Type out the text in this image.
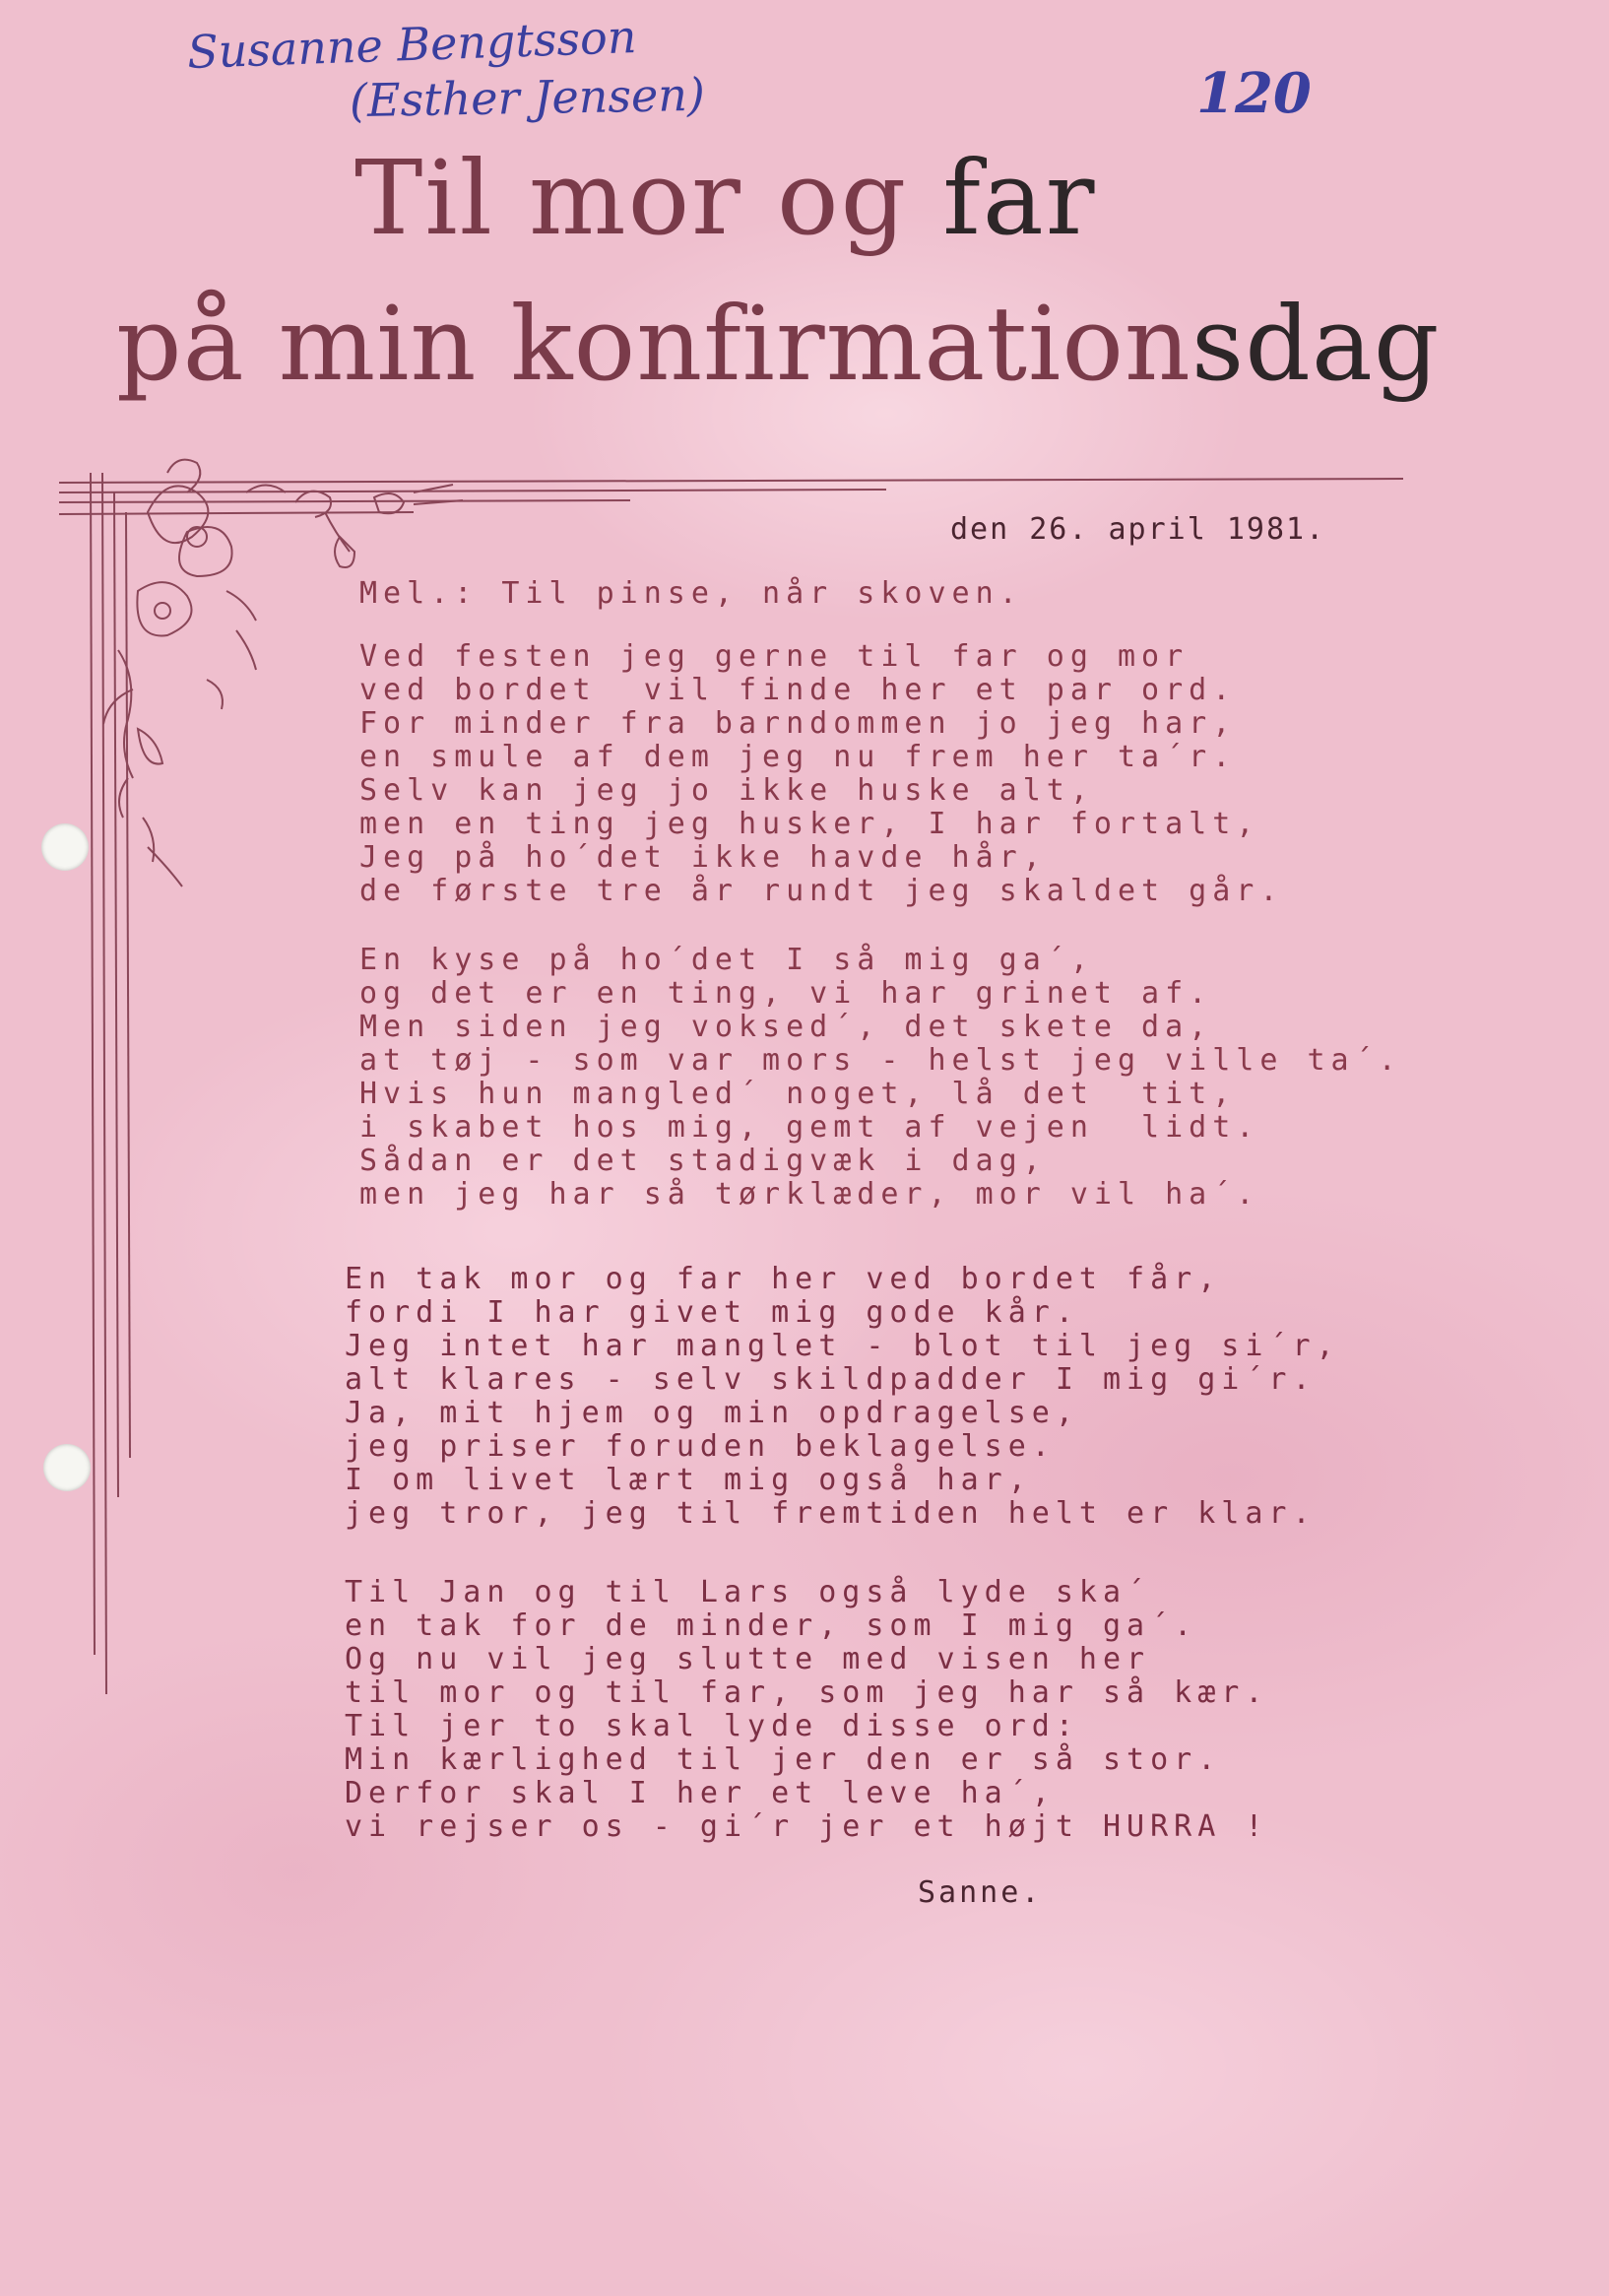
Susanne Bengtsson
(Esther Jensen)	120
Til mor og far
på min konfirmationsdag
den 26. april 1981.
Mel.: Til pinse, når skoven.
Ved festen jeg gerne til far og mor
ved bordet  vil finde her et par ord.
For minder fra barndommen jo jeg har,
en smule af dem jeg nu frem her ta´r.
Selv kan jeg jo ikke huske alt,
men en ting jeg husker, I har fortalt,
Jeg på ho´det ikke havde hår,
de første tre år rundt jeg skaldet går.
En kyse på ho´det I så mig ga´,
og det er en ting, vi har grinet af.
Men siden jeg voksed´, det skete da,
at tøj - som var mors - helst jeg ville ta´.
Hvis hun mangled´ noget, lå det  tit,
i skabet hos mig, gemt af vejen  lidt.
Sådan er det stadigvæk i dag,
men jeg har så tørklæder, mor vil ha´.
En tak mor og far her ved bordet får,
fordi I har givet mig gode kår.
Jeg intet har manglet - blot til jeg si´r,
alt klares - selv skildpadder I mig gi´r.
Ja, mit hjem og min opdragelse,
jeg priser foruden beklagelse.
I om livet lært mig også har,
jeg tror, jeg til fremtiden helt er klar.
Til Jan og til Lars også lyde ska´
en tak for de minder, som I mig ga´.
Og nu vil jeg slutte med visen her
til mor og til far, som jeg har så kær.
Til jer to skal lyde disse ord:
Min kærlighed til jer den er så stor.
Derfor skal I her et leve ha´,
vi rejser os - gi´r jer et højt HURRA !
Sanne.
